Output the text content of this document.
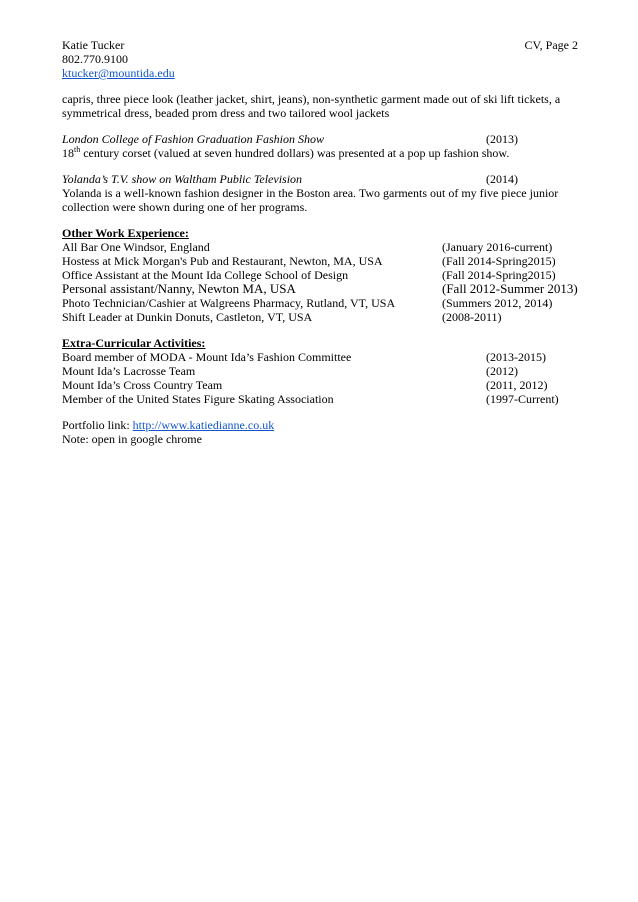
Katie Tucker	CV, Page 2
802.770.9100
ktucker@mountida.edu

capris, three piece look (leather jacket, shirt, jeans), non-synthetic garment made out of ski lift tickets, a symmetrical dress, beaded prom dress and two tailored wool jackets

London College of Fashion Graduation Fashion Show	(2013)

18th century corset (valued at seven hundred dollars) was presented at a pop up fashion show.

Yolanda’s T.V. show on Waltham Public Television	(2014)

Yolanda is a well-known fashion designer in the Boston area. Two garments out of my five piece junior collection were shown during one of her programs.

Other Work Experience:
All Bar One Windsor, England	(January 2016-current)
Hostess at Mick Morgan's Pub and Restaurant, Newton, MA, USA	(Fall 2014-Spring2015)
Office Assistant at the Mount Ida College School of Design	(Fall 2014-Spring2015)
Personal assistant/Nanny, Newton MA, USA	(Fall 2012-Summer 2013)
Photo Technician/Cashier at Walgreens Pharmacy, Rutland, VT, USA	(Summers 2012, 2014)
Shift Leader at Dunkin Donuts, Castleton, VT, USA	(2008-2011)
Extra-Curricular Activities:
Board member of MODA - Mount Ida’s Fashion Committee	(2013-2015)
Mount Ida’s Lacrosse Team	(2012)
Mount Ida’s Cross Country Team	(2011, 2012)
Member of the United States Figure Skating Association	(1997-Current)
Portfolio link: http://www.katiedianne.co.uk
Note: open in google chrome
